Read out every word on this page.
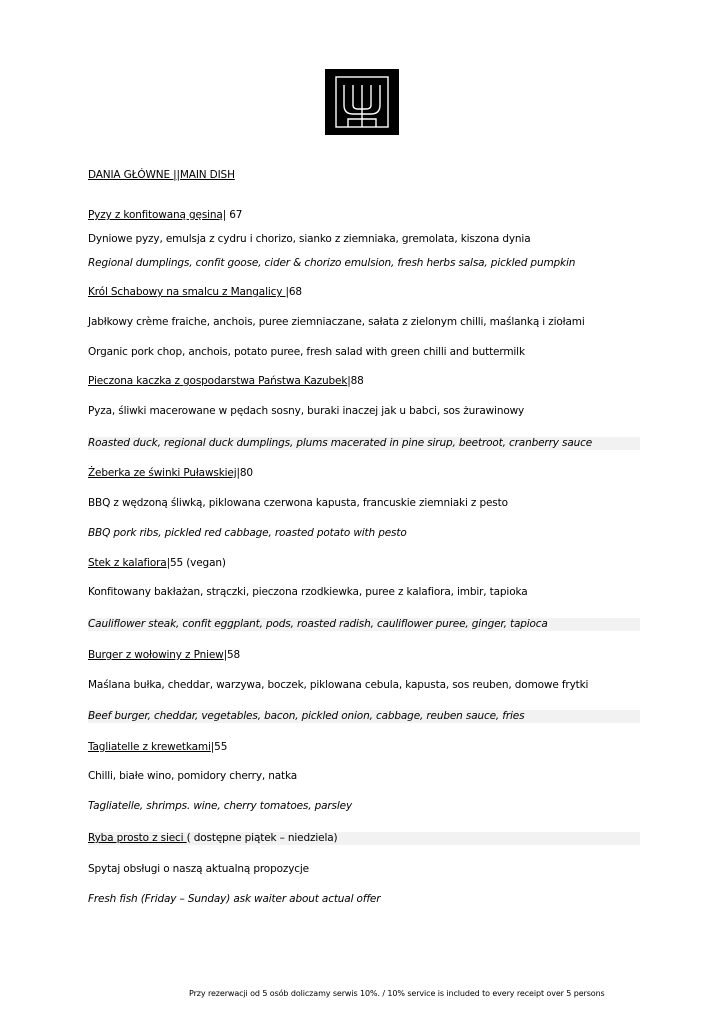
DANIA GŁÓWNE ||MAIN DISH
Pyzy z konfitowaną gęsiną| 67
Dyniowe pyzy, emulsja z cydru i chorizo, sianko z ziemniaka, gremolata, kiszona dynia
Regional dumplings, confit goose, cider & chorizo emulsion, fresh herbs salsa, pickled pumpkin
Król Schabowy na smalcu z Mangalicy |68
Jabłkowy crème fraiche, anchois, puree ziemniaczane, sałata z zielonym chilli, maślanką i ziołami
Organic pork chop, anchois, potato puree, fresh salad with green chilli and buttermilk
Pieczona kaczka z gospodarstwa Państwa Kazubek|88
Pyza, śliwki macerowane w pędach sosny, buraki inaczej jak u babci, sos żurawinowy
Roasted duck, regional duck dumplings, plums macerated in pine sirup, beetroot, cranberry sauce
Żeberka ze świnki Puławskiej|80
BBQ z wędzoną śliwką, piklowana czerwona kapusta, francuskie ziemniaki z pesto
BBQ pork ribs, pickled red cabbage, roasted potato with pesto
Stek z kalafiora|55 (vegan)
Konfitowany bakłażan, strączki, pieczona rzodkiewka, puree z kalafiora, imbir, tapioka
Cauliflower steak, confit eggplant, pods, roasted radish, cauliflower puree, ginger, tapioca
Burger z wołowiny z Pniew|58
Maślana bułka, cheddar, warzywa, boczek, piklowana cebula, kapusta, sos reuben, domowe frytki
Beef burger, cheddar, vegetables, bacon, pickled onion, cabbage, reuben sauce, fries
Tagliatelle z krewetkami|55
Chilli, białe wino, pomidory cherry, natka
Tagliatelle, shrimps. wine, cherry tomatoes, parsley
Ryba prosto z sieci ( dostępne piątek – niedziela)
Spytaj obsługi o naszą aktualną propozycje
Fresh fish (Friday – Sunday) ask waiter about actual offer
Przy rezerwacji od 5 osób doliczamy serwis 10%. / 10% service is included to every receipt over 5 persons
